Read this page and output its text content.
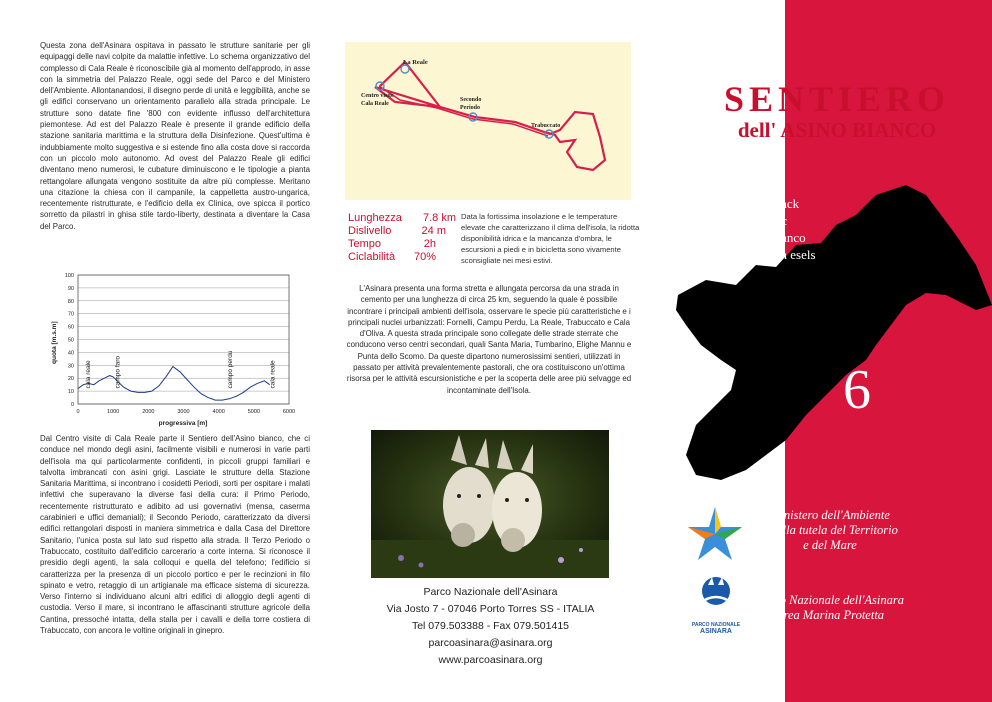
Questa zona dell'Asinara ospitava in passato le strutture sanitarie per gli equipaggi delle navi colpite da malattie infettive. Lo schema organizzativo del complesso di Cala Reale è riconoscibile già al momento dell'approdo, in asse con la simmetria del Palazzo Reale, oggi sede del Parco e del Ministero dell'Ambiente. Allontanandosi, il disegno perde di unità e leggibilità, anche se gli edifici conservano un orientamento parallelo alla strada principale. Le strutture sono datate fine '800 con evidente influsso dell'architettura piemontese. Ad est del Palazzo Reale è presente il grande edificio della stazione sanitaria marittima e la struttura della Disinfezione. Quest'ultima è indubbiamente molto suggestiva e si estende fino alla costa dove si raccorda con un piccolo molo autonomo. Ad ovest del Palazzo Reale gli edifici diventano meno numerosi, le cubature diminuiscono e le tipologie a pianta rettangolare allungata vengono sostituite da altre più complesse. Meritano una citazione la chiesa con il campanile, la cappelletta austro-ungarica, recentemente ristrutturate, e l'edificio della ex Clinica, ove spicca il portico sorretto da pilastri in ghisa stile tardo-liberty, destinata a diventare la Casa del Parco.

0
10
20
30
40
50
60
70
80
90
100
0	1000	2000	3000	4000	5000	6000
cala reale	campo faro	campo perdu	cala reale
quota [m.s.m]
progressiva [m]

Dal Centro visite di Cala Reale parte il Sentiero dell'Asino bianco, che ci conduce nel mondo degli asini, facilmente visibili e numerosi in varie parti dell'isola ma qui particolarmente confidenti, in piccoli gruppi familiari e talvolta imbrancati con asini grigi. Lasciate le strutture della Stazione Sanitaria Marittima, si incontrano i cosidetti Periodi, sorti per ospitare i malati infettivi che superavano la diverse fasi della cura: il Primo Periodo, recentemente ristrutturato e adibito ad usi governativi (mensa, caserma carabinieri e uffici demaniali); il Secondo Periodo, caratterizzato da diversi edifici rettangolari disposti in maniera simmetrica e dalla Casa del Direttore Sanitario, l'unica posta sul lato sud rispetto alla strada. Il Terzo Periodo o Trabuccato, costituito dall'edificio carcerario a corte interna. Si riconosce il presidio degli agenti, la sala colloqui e quella del telefono; l'edificio si caratterizza per la presenza di un piccolo portico e per le recinzioni in filo spinato e vetro, retaggio di un artigianale ma efficace sistema di sicurezza. Verso l'interno si individuano alcuni altri edifici di alloggio degli agenti di custodia. Verso il mare, si incontrano le affascinanti strutture agricole della Cantina, pressoché intatta, della stalla per i cavalli e della torre costiera di Trabuccato, con ancora le voltine originali in ginepro.

La Reale
Centro visite Cala Reale
Secondo Periodo
Trabuccato
Lunghezza 7.8 km
Dislivello	24 m
Tempo	2h
Ciclabilità 70%
Data la fortissima insolazione e le temperature elevate che caratterizzano il clima dell'isola, la ridotta disponibilità idrica e la mancanza d'ombra, le escursioni a piedi e in bicicletta sono vivamente sconsigliate nei mesi estivi.
L'Asinara presenta una forma stretta e allungata percorsa da una strada in cemento per una lunghezza di circa 25 km, seguendo la quale è possibile incontrare i principali ambienti dell'isola, osservare le specie più caratteristiche e i principali nuclei urbanizzati: Fornelli, Campu Perdu, La Reale, Trabuccato e Cala d'Oliva. A questa strada principale sono collegate delle strade sterrate che conducono verso centri secondari, quali Santa Maria, Tumbarino, Elighe Mannu e Punta dello Scomo. Da queste dipartono numerosissimi sentieri, utilizzati in passato per attività prevalentemente pastorali, che ora costituiscono un'ottima risorsa per le attività escursionistiche e per la scoperta delle aree più selvagge ed incontaminate dell'Isola.
Parco Nazionale dell'Asinara
Via Josto 7 - 07046 Porto Torres SS - ITALIA
Tel 079.503388 - Fax 079.501415
parcoasinara@asinara.org
www.parcoasinara.org
SENTIERO
dell' ASINO BIANCO
The white donkey track
Sentier de l'âne blanc
Camino del burro blanco
Der Weg des weissen esels
6
Ministero dell'Ambiente
e della tutela del Territorio
e del Mare
PARCO NAZIONALE
ASINARA
Parco Nazionale dell'Asinara
Area Marina Protetta
